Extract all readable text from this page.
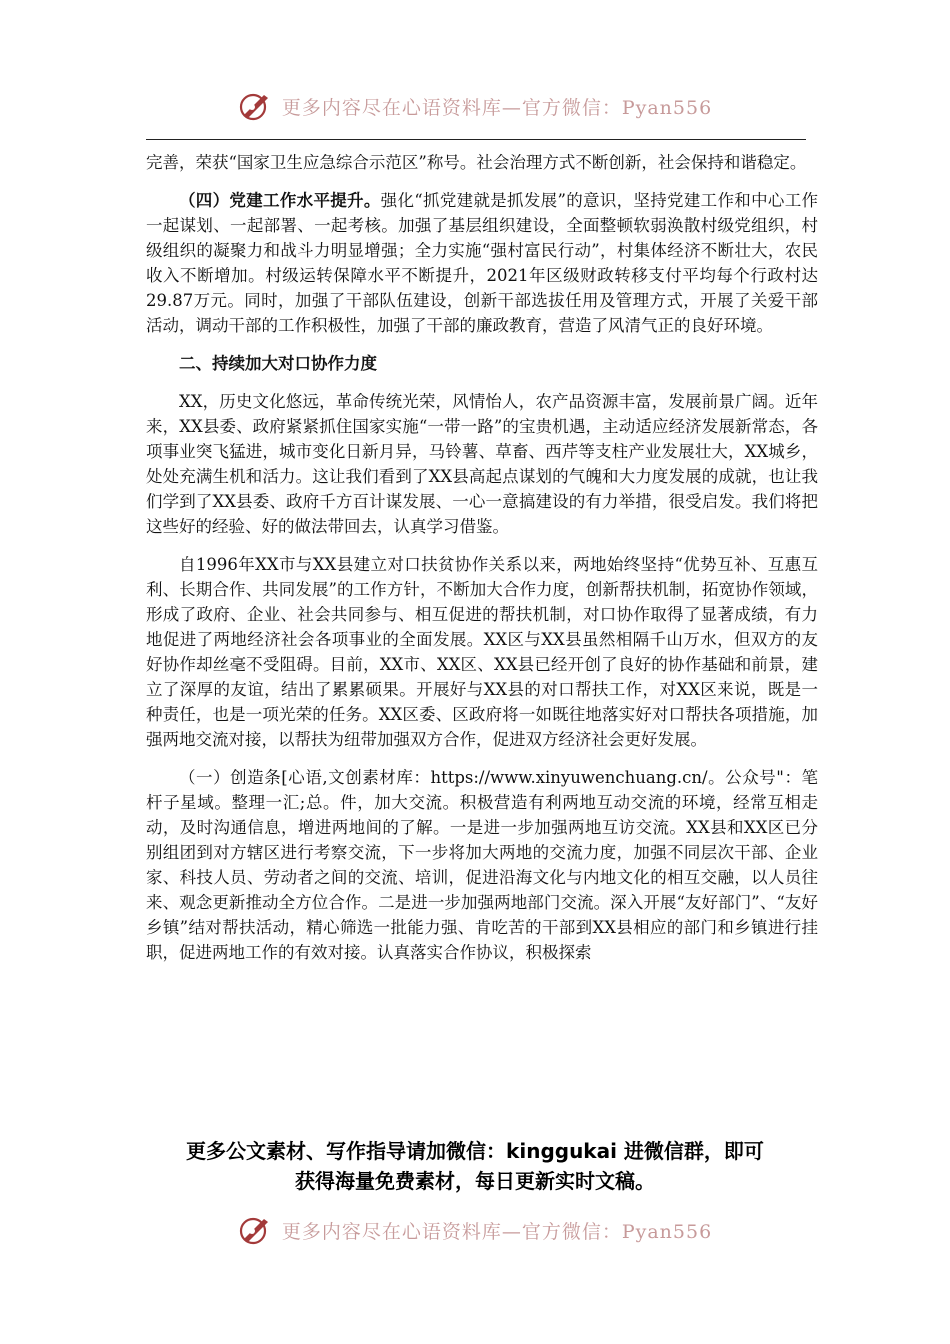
更多内容尽在心语资料库—官方微信：Pyan556

完善，荣获“国家卫生应急综合示范区”称号。社会治理方式不断创新，社会保持和谐稳定。

（四）党建工作水平提升。强化“抓党建就是抓发展”的意识，坚持党建工作和中心工作一起谋划、一起部署、一起考核。加强了基层组织建设，全面整顿软弱涣散村级党组织，村级组织的凝聚力和战斗力明显增强；全力实施“强村富民行动”，村集体经济不断壮大，农民收入不断增加。村级运转保障水平不断提升，2021年区级财政转移支付平均每个行政村达29.87万元。同时，加强了干部队伍建设，创新干部选拔任用及管理方式，开展了关爱干部活动，调动干部的工作积极性，加强了干部的廉政教育，营造了风清气正的良好环境。

二、持续加大对口协作力度

XX，历史文化悠远，革命传统光荣，风情怡人，农产品资源丰富，发展前景广阔。近年来，XX县委、政府紧紧抓住国家实施“一带一路”的宝贵机遇，主动适应经济发展新常态，各项事业突飞猛进，城市变化日新月异，马铃薯、草畜、西芹等支柱产业发展壮大，XX城乡，处处充满生机和活力。这让我们看到了XX县高起点谋划的气魄和大力度发展的成就，也让我们学到了XX县委、政府千方百计谋发展、一心一意搞建设的有力举措，很受启发。我们将把这些好的经验、好的做法带回去，认真学习借鉴。

自1996年XX市与XX县建立对口扶贫协作关系以来，两地始终坚持“优势互补、互惠互利、长期合作、共同发展”的工作方针，不断加大合作力度，创新帮扶机制，拓宽协作领域，形成了政府、企业、社会共同参与、相互促进的帮扶机制，对口协作取得了显著成绩，有力地促进了两地经济社会各项事业的全面发展。XX区与XX县虽然相隔千山万水，但双方的友好协作却丝毫不受阻碍。目前，XX市、XX区、XX县已经开创了良好的协作基础和前景，建立了深厚的友谊，结出了累累硕果。开展好与XX县的对口帮扶工作，对XX区来说，既是一种责任，也是一项光荣的任务。XX区委、区政府将一如既往地落实好对口帮扶各项措施，加强两地交流对接，以帮扶为纽带加强双方合作，促进双方经济社会更好发展。

（一）创造条[心语,文创素材库：https://www.xinyuwenchuang.cn/。公众号"：笔杆子星域。整理一汇;总。件，加大交流。积极营造有利两地互动交流的环境，经常互相走动，及时沟通信息，增进两地间的了解。一是进一步加强两地互访交流。XX县和XX区已分别组团到对方辖区进行考察交流，下一步将加大两地的交流力度，加强不同层次干部、企业家、科技人员、劳动者之间的交流、培训，促进沿海文化与内地文化的相互交融，以人员往来、观念更新推动全方位合作。二是进一步加强两地部门交流。深入开展“友好部门”、“友好乡镇”结对帮扶活动，精心筛选一批能力强、肯吃苦的干部到XX县相应的部门和乡镇进行挂职，促进两地工作的有效对接。认真落实合作协议，积极探索

更多公文素材、写作指导请加微信：kinggukai 进微信群，即可
获得海量免费素材，每日更新实时文稿。
更多内容尽在心语资料库—官方微信：Pyan556
